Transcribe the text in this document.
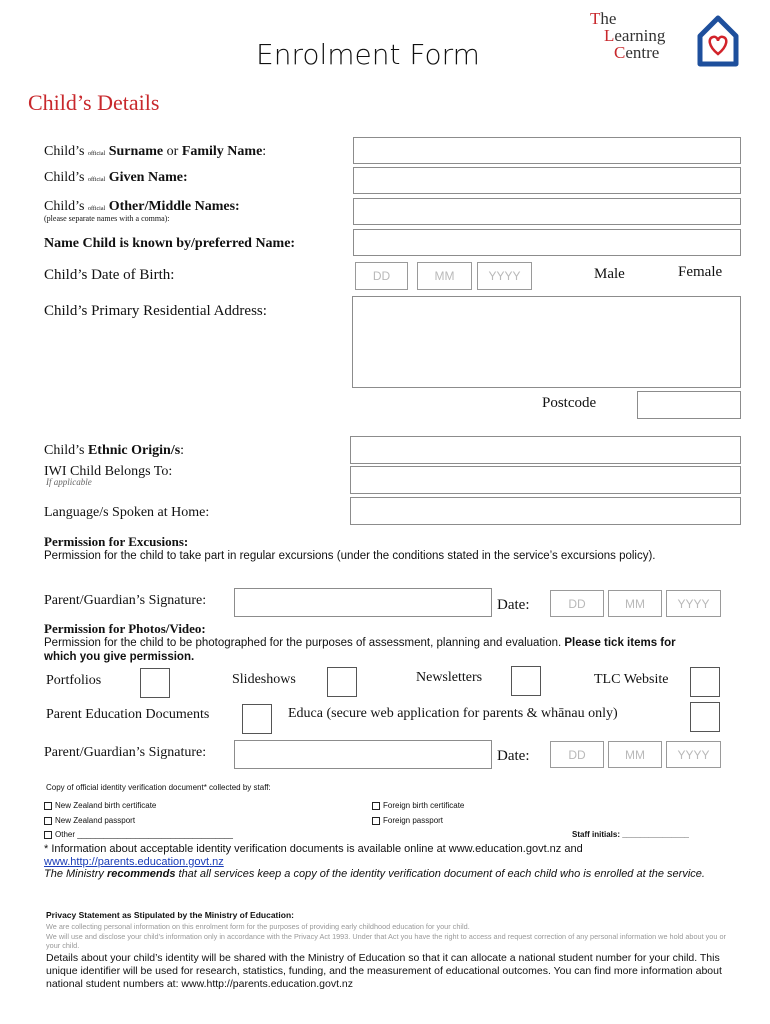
Enrolment Form
The
Learning
Centre
Child’s Details
Child’s official Surname or Family Name:
Child’s official Given Name:
Child’s official Other/Middle Names:
(please separate names with a comma):
Name Child is known by/preferred Name:
Child’s Date of Birth:	DD	MM	YYYY	Male	Female
Child’s Primary Residential Address:
Postcode
Child’s Ethnic Origin/s:
IWI Child Belongs To:
If applicable
Language/s Spoken at Home:
Permission for Excusions:
Permission for the child to take part in regular excursions (under the conditions stated in the service’s excursions policy).
Parent/Guardian’s Signature:	Date:	DD	MM	YYYY
Permission for Photos/Video:
Permission for the child to be photographed for the purposes of assessment, planning and evaluation. Please tick items for which you give permission.
Portfolios	Slideshows	Newsletters	TLC Website
Parent Education Documents	Educa (secure web application for parents & whānau only)
Parent/Guardian’s Signature:	Date:	DD	MM	YYYY
Copy of official identity verification document* collected by staff:
New Zealand birth certificate	Foreign birth certificate
New Zealand passport	Foreign passport
Other ___________________________________	Staff initials: _______________
* Information about acceptable identity verification documents is available online at www.education.govt.nz and www.http://parents.education.govt.nz
The Ministry recommends that all services keep a copy of the identity verification document of each child who is enrolled at the service.
Privacy Statement as Stipulated by the Ministry of Education:
We are collecting personal information on this enrolment form for the purposes of providing early childhood education for your child.
We will use and disclose your child’s information only in accordance with the Privacy Act 1993. Under that Act you have the right to access and request correction of any personal information we hold about you or your child.
Details about your child’s identity will be shared with the Ministry of Education so that it can allocate a national student number for your child. This unique identifier will be used for research, statistics, funding, and the measurement of educational outcomes. You can find more information about national student numbers at: www.http://parents.education.govt.nz
